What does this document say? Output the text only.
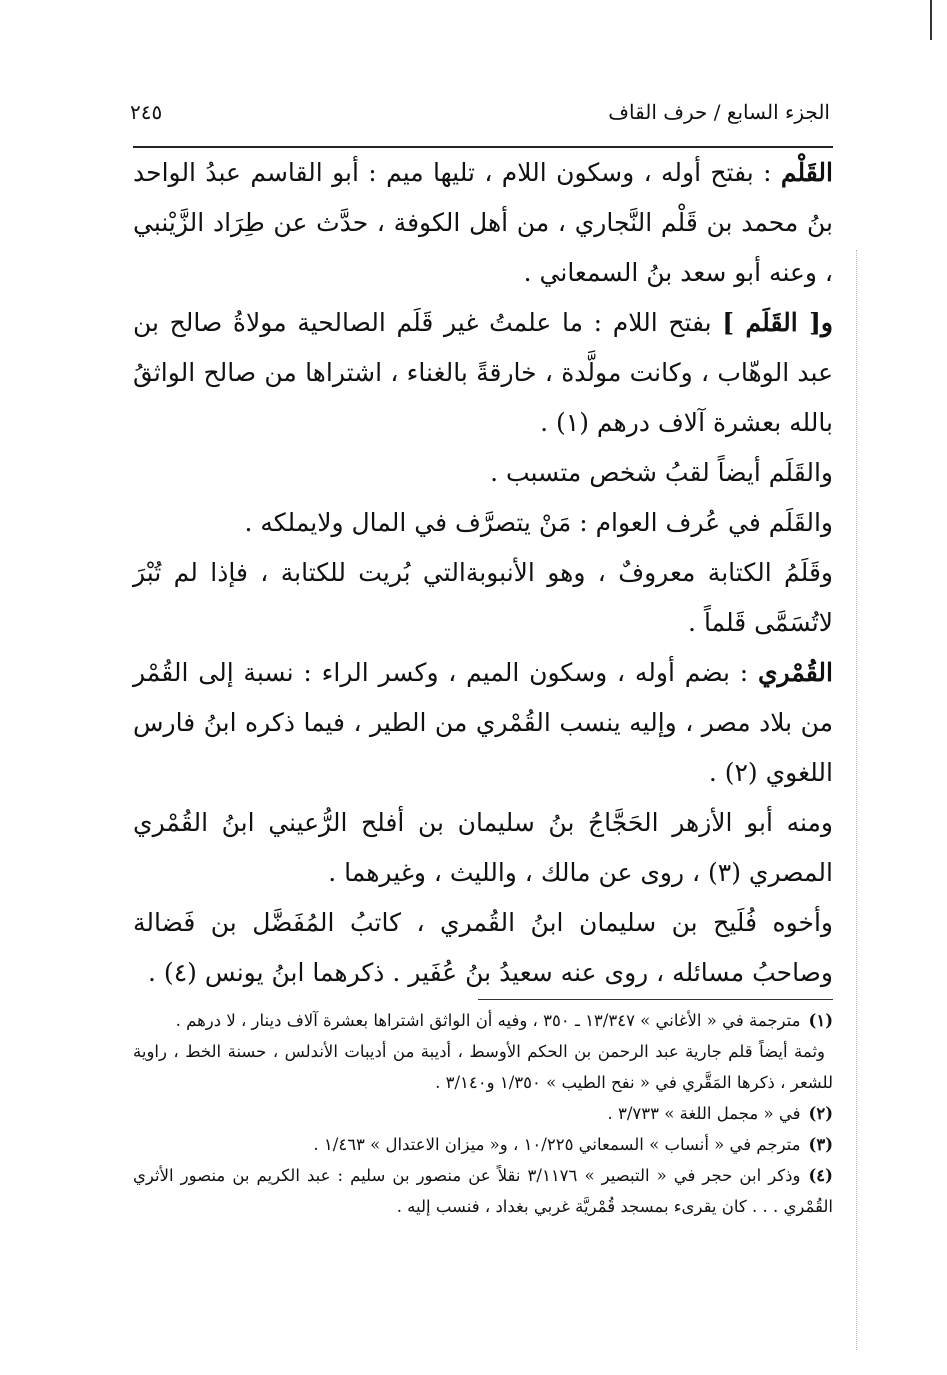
الجزء السابع / حرف القاف
٢٤٥

القَلْم : بفتح أوله ، وسكون اللام ، تليها ميم : أبو القاسم عبدُ الواحد بنُ محمد بن قَلْم النَّجاري ، من أهل الكوفة ، حدَّث عن طِرَاد الزَّيْنبي ، وعنه أبو سعد بنُ السمعاني .

و[ القَلَم ] بفتح اللام : ما علمتُ غير قَلَم الصالحية مولاةُ صالح بن عبد الوهّاب ، وكانت مولَّدة ، خارقةً بالغناء ، اشتراها من صالح الواثقُ بالله بعشرة آلاف درهم (١) .

والقَلَم أيضاً لقبُ شخص متسبب .

والقَلَم في عُرف العوام : مَنْ يتصرَّف في المال ولايملكه .

وقَلَمُ الكتابة معروفٌ ، وهو الأنبوبةالتي بُريت للكتابة ، فإذا لم تُبْرَ لاتُسَمَّى قَلماً .

القُمْري : بضم أوله ، وسكون الميم ، وكسر الراء : نسبة إلى القُمْر من بلاد مصر ، وإليه ينسب القُمْري من الطير ، فيما ذكره ابنُ فارس اللغوي (٢) .

ومنه أبو الأزهر الحَجَّاجُ بنُ سليمان بن أفلح الرُّعيني ابنُ القُمْري المصري (٣) ، روى عن مالك ، والليث ، وغيرهما .

وأخوه فُلَيح بن سليمان ابنُ القُمري ، كاتبُ المُفَضَّل بن فَضالة وصاحبُ مسائله ، روى عنه سعيدُ بنُ عُفَير . ذكرهما ابنُ يونس (٤) .

(١)مترجمة في « الأغاني » ١٣/٣٤٧ ـ ٣٥٠ ، وفيه أن الواثق اشتراها بعشرة آلاف دينار ، لا درهم .

وثمة أيضاً قلم جارية عبد الرحمن بن الحكم الأوسط ، أديبة من أديبات الأندلس ، حسنة الخط ، راوية للشعر ، ذكرها المَقَّري في « نفح الطيب » ١/٣٥٠ و٣/١٤٠ .

(٢)في « مجمل اللغة » ٣/٧٣٣ .

(٣)مترجم في « أنساب » السمعاني ١٠/٢٢٥ ، و« ميزان الاعتدال » ١/٤٦٣ .

(٤)وذكر ابن حجر في « التبصير » ٣/١١٧٦ نقلاً عن منصور بن سليم : عبد الكريم بن منصور الأثري القُمْري . . . كان يقرىء بمسجد قُمْريَّة غربي بغداد ، فنسب إليه .
